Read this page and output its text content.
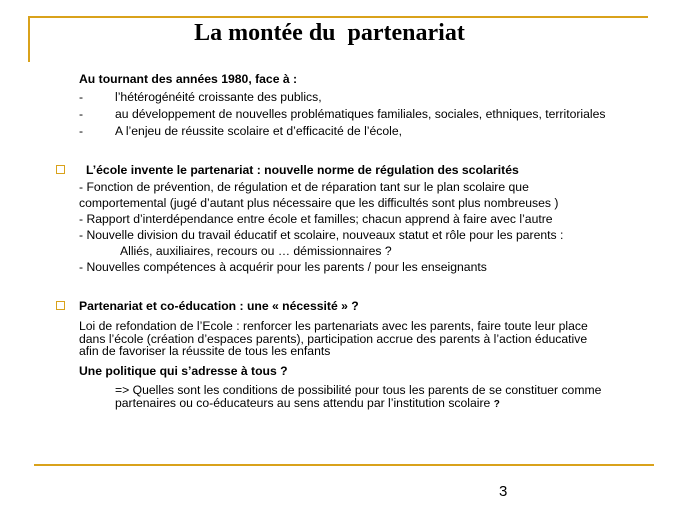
La montée du  partenariat
Au tournant des années 1980, face à :
-	l’hétérogénéité croissante des publics,
-	au développement de nouvelles problématiques familiales, sociales, ethniques, territoriales
-	A l’enjeu de réussite scolaire et d’efficacité de l’école,
L’école invente le partenariat : nouvelle norme de régulation des scolarités
- Fonction de prévention, de régulation et de réparation tant sur le plan scolaire que
comportemental (jugé d’autant plus nécessaire que les difficultés sont plus nombreuses )
- Rapport d’interdépendance entre école et familles; chacun apprend à faire avec l’autre
- Nouvelle division du travail éducatif et scolaire, nouveaux statut et rôle pour les parents :
Alliés, auxiliaires, recours ou … démissionnaires ?
- Nouvelles compétences à acquérir pour les parents / pour les enseignants
Partenariat et co-éducation : une « nécessité » ?
Loi de refondation de l’Ecole : renforcer les partenariats avec les parents, faire toute leur place
dans l’école (création d’espaces parents), participation accrue des parents à l’action éducative
afin de favoriser la réussite de tous les enfants
Une politique qui s’adresse à tous ?
=> Quelles sont les conditions de possibilité pour tous les parents de se constituer comme
partenaires ou co-éducateurs au sens attendu par l’institution scolaire ?
3
